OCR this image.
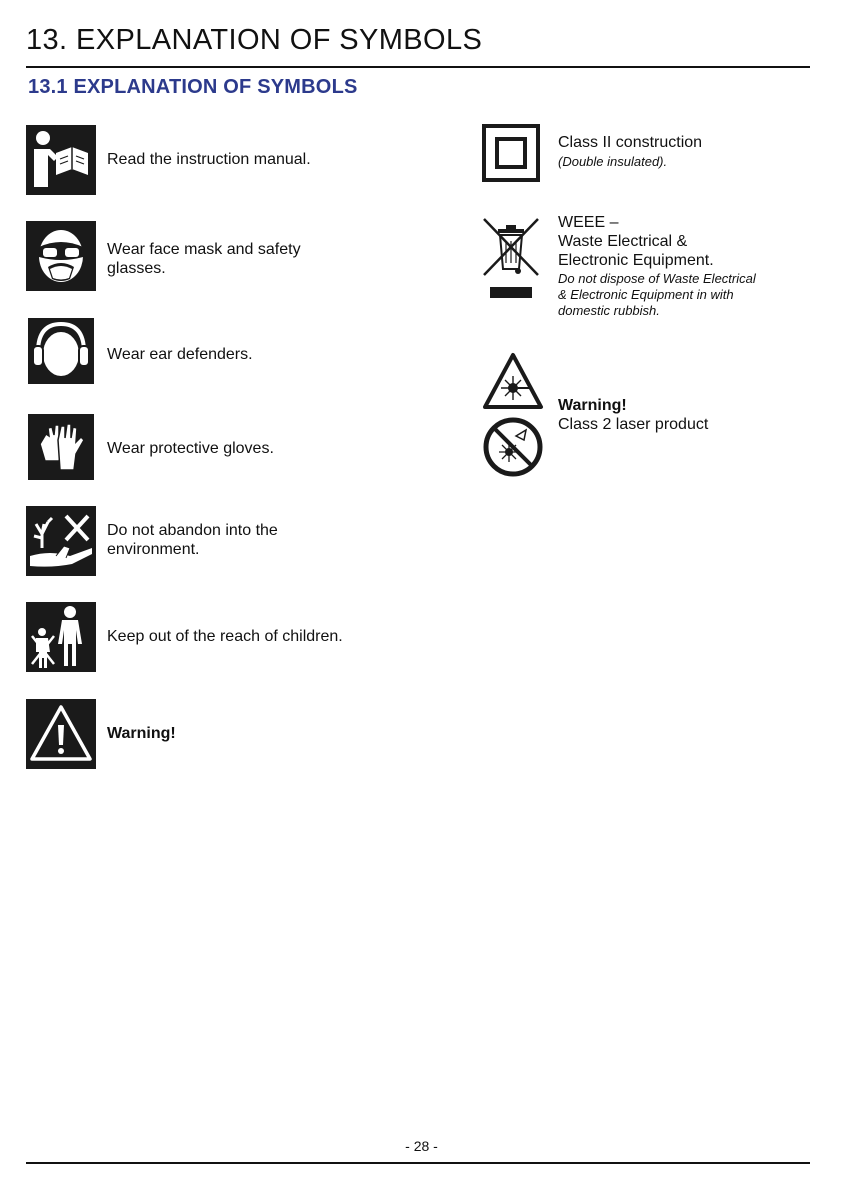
13. EXPLANATION OF SYMBOLS
13.1 EXPLANATION OF SYMBOLS
Read the instruction manual.
Wear face mask and safety
glasses.
Wear ear defenders.
Wear protective gloves.
Do not abandon into the
environment.
Keep out of the reach of children.
Warning!
Class II construction
(Double insulated).
WEEE –
Waste Electrical &
Electronic Equipment.
Do not dispose of Waste Electrical
& Electronic Equipment in with
domestic rubbish.
Warning!
Class 2 laser product
- 28 -
